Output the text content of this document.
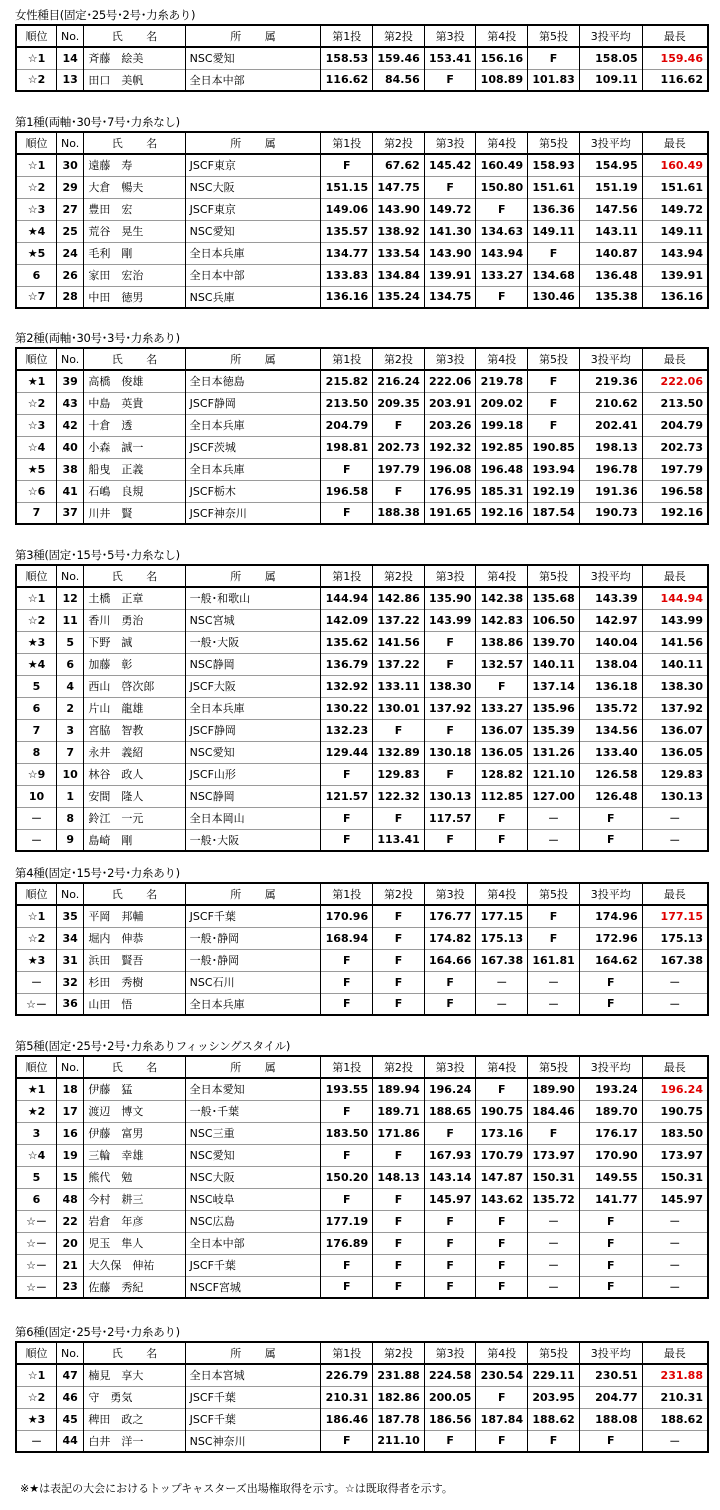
女性種目(固定･25号･2号･力糸あり)
順位	No.	氏 名	所 属	第1投	第2投	第3投	第4投	第5投	3投平均	最長
☆1	14	斉藤　絵美	NSC愛知	158.53	159.46	153.41	156.16	F	158.05	159.46
☆2	13	田口　美帆	全日本中部	116.62	84.56	F	108.89	101.83	109.11	116.62
第1種(両軸･30号･7号･力糸なし)
順位	No.	氏 名	所 属	第1投	第2投	第3投	第4投	第5投	3投平均	最長
☆1	30	遠藤　寿	JSCF東京	F	67.62	145.42	160.49	158.93	154.95	160.49
☆2	29	大倉　暢夫	NSC大阪	151.15	147.75	F	150.80	151.61	151.19	151.61
☆3	27	豊田　宏	JSCF東京	149.06	143.90	149.72	F	136.36	147.56	149.72
★4	25	荒谷　晃生	NSC愛知	135.57	138.92	141.30	134.63	149.11	143.11	149.11
★5	24	毛利　剛	全日本兵庫	134.77	133.54	143.90	143.94	F	140.87	143.94
6	26	家田　宏治	全日本中部	133.83	134.84	139.91	133.27	134.68	136.48	139.91
☆7	28	中田　徳男	NSC兵庫	136.16	135.24	134.75	F	130.46	135.38	136.16
第2種(両軸･30号･3号･力糸あり)
順位	No.	氏 名	所 属	第1投	第2投	第3投	第4投	第5投	3投平均	最長
★1	39	高橋　俊雄	全日本徳島	215.82	216.24	222.06	219.78	F	219.36	222.06
☆2	43	中島　英貴	JSCF静岡	213.50	209.35	203.91	209.02	F	210.62	213.50
☆3	42	十倉　透	全日本兵庫	204.79	F	203.26	199.18	F	202.41	204.79
☆4	40	小森　誠一	JSCF茨城	198.81	202.73	192.32	192.85	190.85	198.13	202.73
★5	38	船曳　正義	全日本兵庫	F	197.79	196.08	196.48	193.94	196.78	197.79
☆6	41	石嶋　良規	JSCF栃木	196.58	F	176.95	185.31	192.19	191.36	196.58
7	37	川井　賢	JSCF神奈川	F	188.38	191.65	192.16	187.54	190.73	192.16
第3種(固定･15号･5号･力糸なし)
順位	No.	氏 名	所 属	第1投	第2投	第3投	第4投	第5投	3投平均	最長
☆1	12	土橋　正章	一般･和歌山	144.94	142.86	135.90	142.38	135.68	143.39	144.94
☆2	11	香川　勇治	NSC宮城	142.09	137.22	143.99	142.83	106.50	142.97	143.99
★3	5	下野　誠	一般･大阪	135.62	141.56	F	138.86	139.70	140.04	141.56
★4	6	加藤　彰	NSC静岡	136.79	137.22	F	132.57	140.11	138.04	140.11
5	4	西山　啓次郎	JSCF大阪	132.92	133.11	138.30	F	137.14	136.18	138.30
6	2	片山　龍雄	全日本兵庫	130.22	130.01	137.92	133.27	135.96	135.72	137.92
7	3	宮脇　智教	JSCF静岡	132.23	F	F	136.07	135.39	134.56	136.07
8	7	永井　義紹	NSC愛知	129.44	132.89	130.18	136.05	131.26	133.40	136.05
☆9	10	林谷　政人	JSCF山形	F	129.83	F	128.82	121.10	126.58	129.83
10	1	安間　隆人	NSC静岡	121.57	122.32	130.13	112.85	127.00	126.48	130.13
－	8	鈴江　一元	全日本岡山	F	F	117.57	F	－	F	－
－	9	島崎　剛	一般･大阪	F	113.41	F	F	－	F	－
第4種(固定･15号･2号･力糸あり)
順位	No.	氏 名	所 属	第1投	第2投	第3投	第4投	第5投	3投平均	最長
☆1	35	平岡　邦輔	JSCF千葉	170.96	F	176.77	177.15	F	174.96	177.15
☆2	34	堀内　伸恭	一般･静岡	168.94	F	174.82	175.13	F	172.96	175.13
★3	31	浜田　賢吾	一般･静岡	F	F	164.66	167.38	161.81	164.62	167.38
－	32	杉田　秀樹	NSC石川	F	F	F	－	－	F	－
☆－	36	山田　悟	全日本兵庫	F	F	F	－	－	F	－
第5種(固定･25号･2号･力糸ありフィッシングスタイル)
順位	No.	氏 名	所 属	第1投	第2投	第3投	第4投	第5投	3投平均	最長
★1	18	伊藤　猛	全日本愛知	193.55	189.94	196.24	F	189.90	193.24	196.24
★2	17	渡辺　博文	一般･千葉	F	189.71	188.65	190.75	184.46	189.70	190.75
3	16	伊藤　富男	NSC三重	183.50	171.86	F	173.16	F	176.17	183.50
☆4	19	三輪　幸雄	NSC愛知	F	F	167.93	170.79	173.97	170.90	173.97
5	15	熊代　勉	NSC大阪	150.20	148.13	143.14	147.87	150.31	149.55	150.31
6	48	今村　耕三	NSC岐阜	F	F	145.97	143.62	135.72	141.77	145.97
☆－	22	岩倉　年彦	NSC広島	177.19	F	F	F	－	F	－
☆－	20	児玉　隼人	全日本中部	176.89	F	F	F	－	F	－
☆－	21	大久保　伸祐	JSCF千葉	F	F	F	F	－	F	－
☆－	23	佐藤　秀紀	NSCF宮城	F	F	F	F	－	F	－
第6種(固定･25号･2号･力糸あり)
順位	No.	氏 名	所 属	第1投	第2投	第3投	第4投	第5投	3投平均	最長
☆1	47	楠見　享大	全日本宮城	226.79	231.88	224.58	230.54	229.11	230.51	231.88
☆2	46	守　勇気	JSCF千葉	210.31	182.86	200.05	F	203.95	204.77	210.31
★3	45	稗田　政之	JSCF千葉	186.46	187.78	186.56	187.84	188.62	188.08	188.62
－	44	白井　洋一	NSC神奈川	F	211.10	F	F	F	F	－
※★は表記の大会におけるトップキャスターズ出場権取得を示す。☆は既取得者を示す。
